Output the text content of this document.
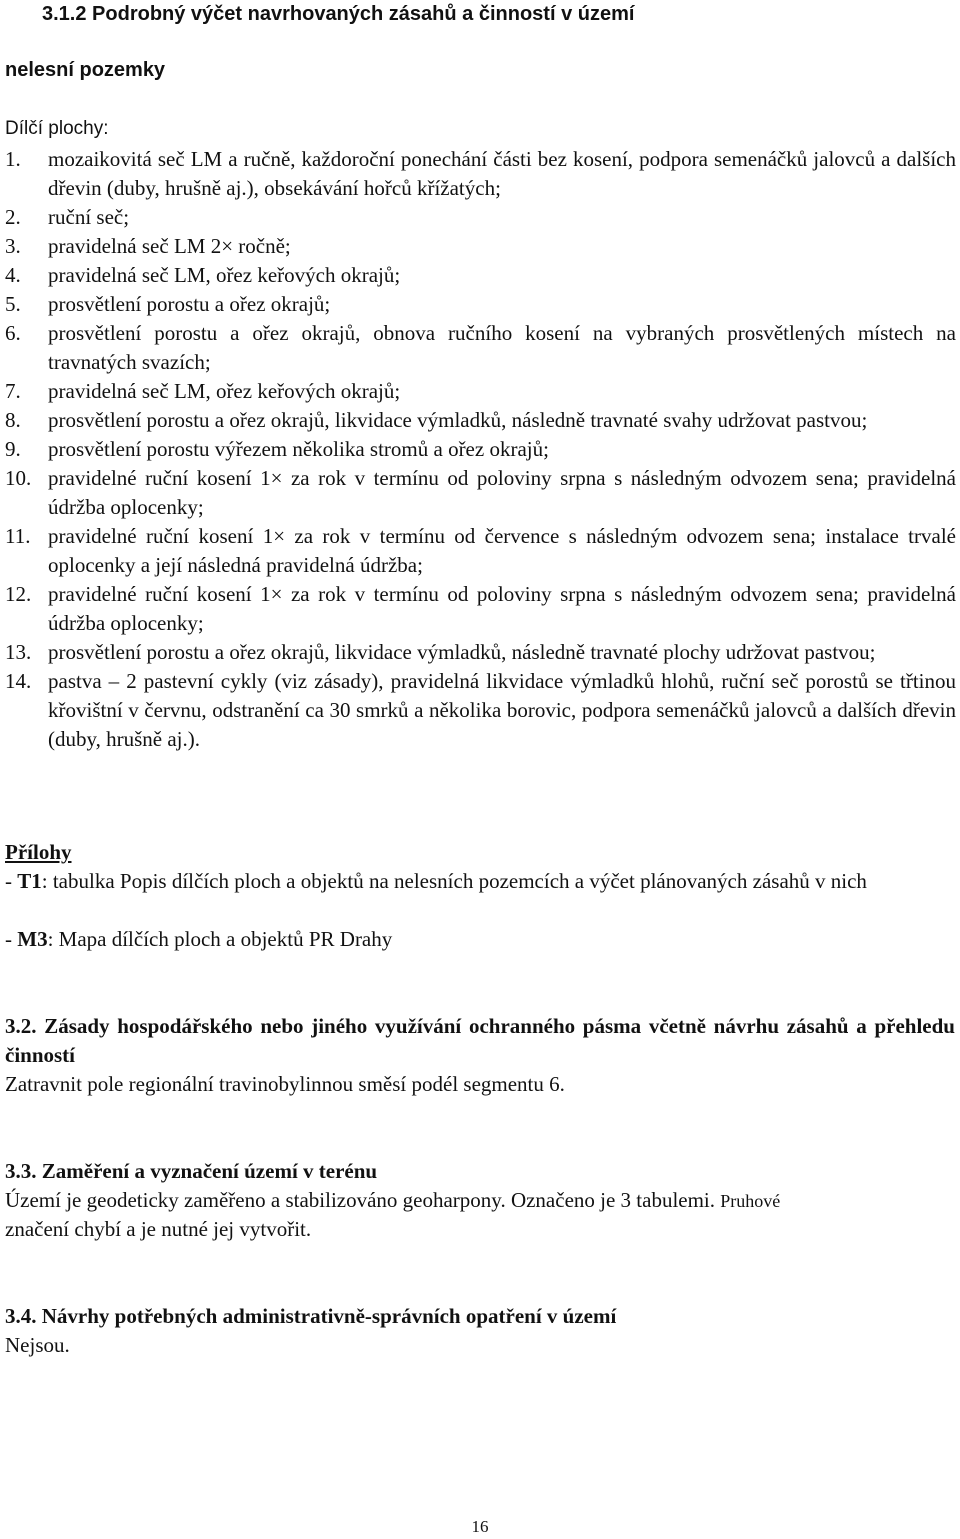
3.1.2 Podrobný výčet navrhovaných zásahů a činností v území
nelesní pozemky
Dílčí plochy:
1. mozaikovitá seč LM a ručně, každoroční ponechání části bez kosení, podpora semenáčků jalovců a dalších dřevin (duby, hrušně aj.), obsekávání hořců křížatých;
2. ruční seč;
3. pravidelná seč LM 2× ročně;
4. pravidelná seč LM, ořez keřových okrajů;
5. prosvětlení porostu a ořez okrajů;
6. prosvětlení porostu a ořez okrajů, obnova ručního kosení na vybraných prosvětlených místech na travnatých svazích;
7. pravidelná seč LM, ořez keřových okrajů;
8. prosvětlení porostu a ořez okrajů, likvidace výmladků, následně travnaté svahy udržovat pastvou;
9. prosvětlení porostu výřezem několika stromů a ořez okrajů;
10. pravidelné ruční kosení 1× za rok v termínu od poloviny srpna s následným odvozem sena; pravidelná údržba oplocenky;
11. pravidelné ruční kosení 1× za rok v termínu od července s následným odvozem sena; instalace trvalé oplocenky a její následná pravidelná údržba;
12. pravidelné ruční kosení 1× za rok v termínu od poloviny srpna s následným odvozem sena; pravidelná údržba oplocenky;
13. prosvětlení porostu a ořez okrajů, likvidace výmladků, následně travnaté plochy udržovat pastvou;
14. pastva – 2 pastevní cykly (viz zásady), pravidelná likvidace výmladků hlohů, ruční seč porostů se třtinou křovištní v červnu, odstranění ca 30 smrků a několika borovic, podpora semenáčků jalovců a dalších dřevin (duby, hrušně aj.).
Přílohy
- T1: tabulka Popis dílčích ploch a objektů na nelesních pozemcích a výčet plánovaných zásahů v nich
- M3: Mapa dílčích ploch a objektů PR Drahy
3.2. Zásady hospodářského nebo jiného využívání ochranného pásma včetně návrhu zásahů a přehledu činností
Zatravnit pole regionální travinobylinnou směsí podél segmentu 6.
3.3. Zaměření a vyznačení území v terénu
Území je geodeticky zaměřeno a stabilizováno geoharpony. Označeno je 3 tabulemi. Pruhové
značení chybí a je nutné jej vytvořit.
3.4. Návrhy potřebných administrativně-správních opatření v území
Nejsou.
16
